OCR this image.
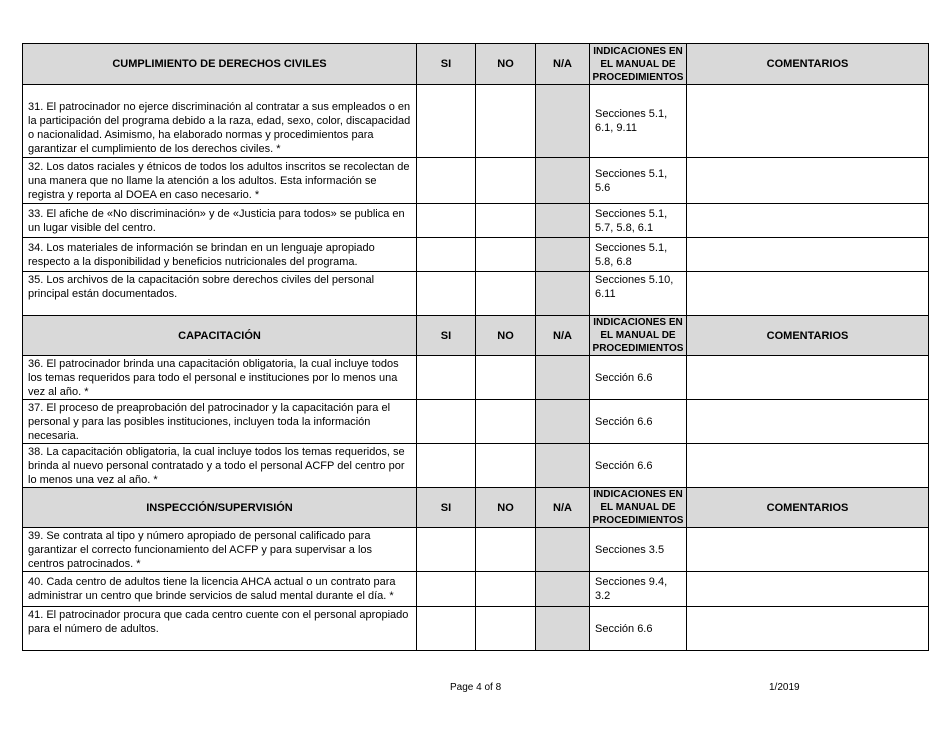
CUMPLIMIENTO DE DERECHOS CIVILES	SI	NO	N/A	INDICACIONES EN EL MANUAL DE PROCEDIMIENTOS	COMENTARIOS
31. El patrocinador no ejerce discriminación al contratar a sus empleados o en la participación del programa debido a la raza, edad, sexo, color, discapacidad o nacionalidad. Asimismo, ha elaborado normas y procedimientos para garantizar el cumplimiento de los derechos civiles. *				Secciones 5.1, 6.1, 9.11	
32. Los datos raciales y étnicos de todos los adultos inscritos se recolectan de una manera que no llame la atención a los adultos. Esta información se registra y reporta al DOEA en caso necesario. *				Secciones 5.1, 5.6	
33. El afiche de «No discriminación» y de «Justicia para todos» se publica en un lugar visible del centro.				Secciones 5.1, 5.7, 5.8, 6.1	
34. Los materiales de información se brindan en un lenguaje apropiado respecto a la disponibilidad y beneficios nutricionales del programa.				Secciones 5.1, 5.8, 6.8	
35. Los archivos de la capacitación sobre derechos civiles del personal principal están documentados.				Secciones 5.10, 6.11	
CAPACITACIÓN	SI	NO	N/A	INDICACIONES EN EL MANUAL DE PROCEDIMIENTOS	COMENTARIOS
36. El patrocinador brinda una capacitación obligatoria, la cual incluye todos los temas requeridos para todo el personal e instituciones por lo menos una vez al año. *				Sección 6.6	
37. El proceso de preaprobación del patrocinador y la capacitación para el personal y para las posibles instituciones, incluyen toda la información necesaria.				Sección 6.6	
38. La capacitación obligatoria, la cual incluye todos los temas requeridos, se brinda al nuevo personal contratado y a todo el personal ACFP del centro por lo menos una vez al año. *				Sección 6.6	
INSPECCIÓN/SUPERVISIÓN	SI	NO	N/A	INDICACIONES EN EL MANUAL DE PROCEDIMIENTOS	COMENTARIOS
39. Se contrata al tipo y número apropiado de personal calificado para garantizar el correcto funcionamiento del ACFP y para supervisar a los centros patrocinados. *				Secciones 3.5	
40. Cada centro de adultos tiene la licencia AHCA actual o un contrato para administrar un centro que brinde servicios de salud mental durante el día. *				Secciones 9.4, 3.2	
41. El patrocinador procura que cada centro cuente con el personal apropiado para el número de adultos.				Sección 6.6	
Page 4 of 8	1/2019
